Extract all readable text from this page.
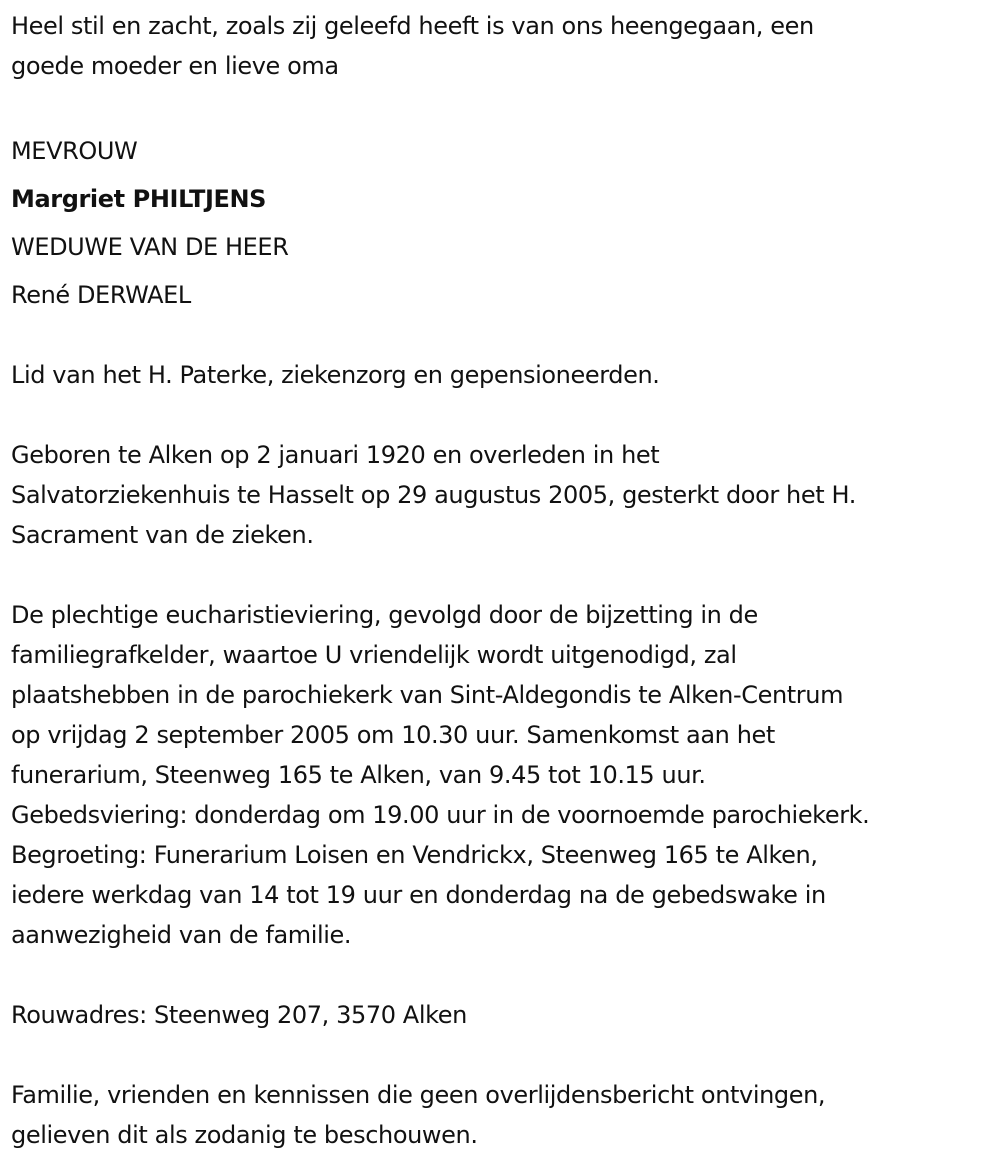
Heel stil en zacht, zoals zij geleefd heeft is van ons heengegaan, een
goede moeder en lieve oma

MEVROUW

Margriet PHILTJENS

WEDUWE VAN DE HEER

René DERWAEL

Lid van het H. Paterke, ziekenzorg en gepensioneerden.

Geboren te Alken op 2 januari 1920 en overleden in het
Salvatorziekenhuis te Hasselt op 29 augustus 2005, gesterkt door het H.
Sacrament van de zieken.

De plechtige eucharistieviering, gevolgd door de bijzetting in de
familiegrafkelder, waartoe U vriendelijk wordt uitgenodigd, zal
plaatshebben in de parochiekerk van Sint-Aldegondis te Alken-Centrum
op vrijdag 2 september 2005 om 10.30 uur. Samenkomst aan het
funerarium, Steenweg 165 te Alken, van 9.45 tot 10.15 uur.
Gebedsviering: donderdag om 19.00 uur in de voornoemde parochiekerk.
Begroeting: Funerarium Loisen en Vendrickx, Steenweg 165 te Alken,
iedere werkdag van 14 tot 19 uur en donderdag na de gebedswake in
aanwezigheid van de familie.

Rouwadres: Steenweg 207, 3570 Alken

Familie, vrienden en kennissen die geen overlijdensbericht ontvingen,
gelieven dit als zodanig te beschouwen.
